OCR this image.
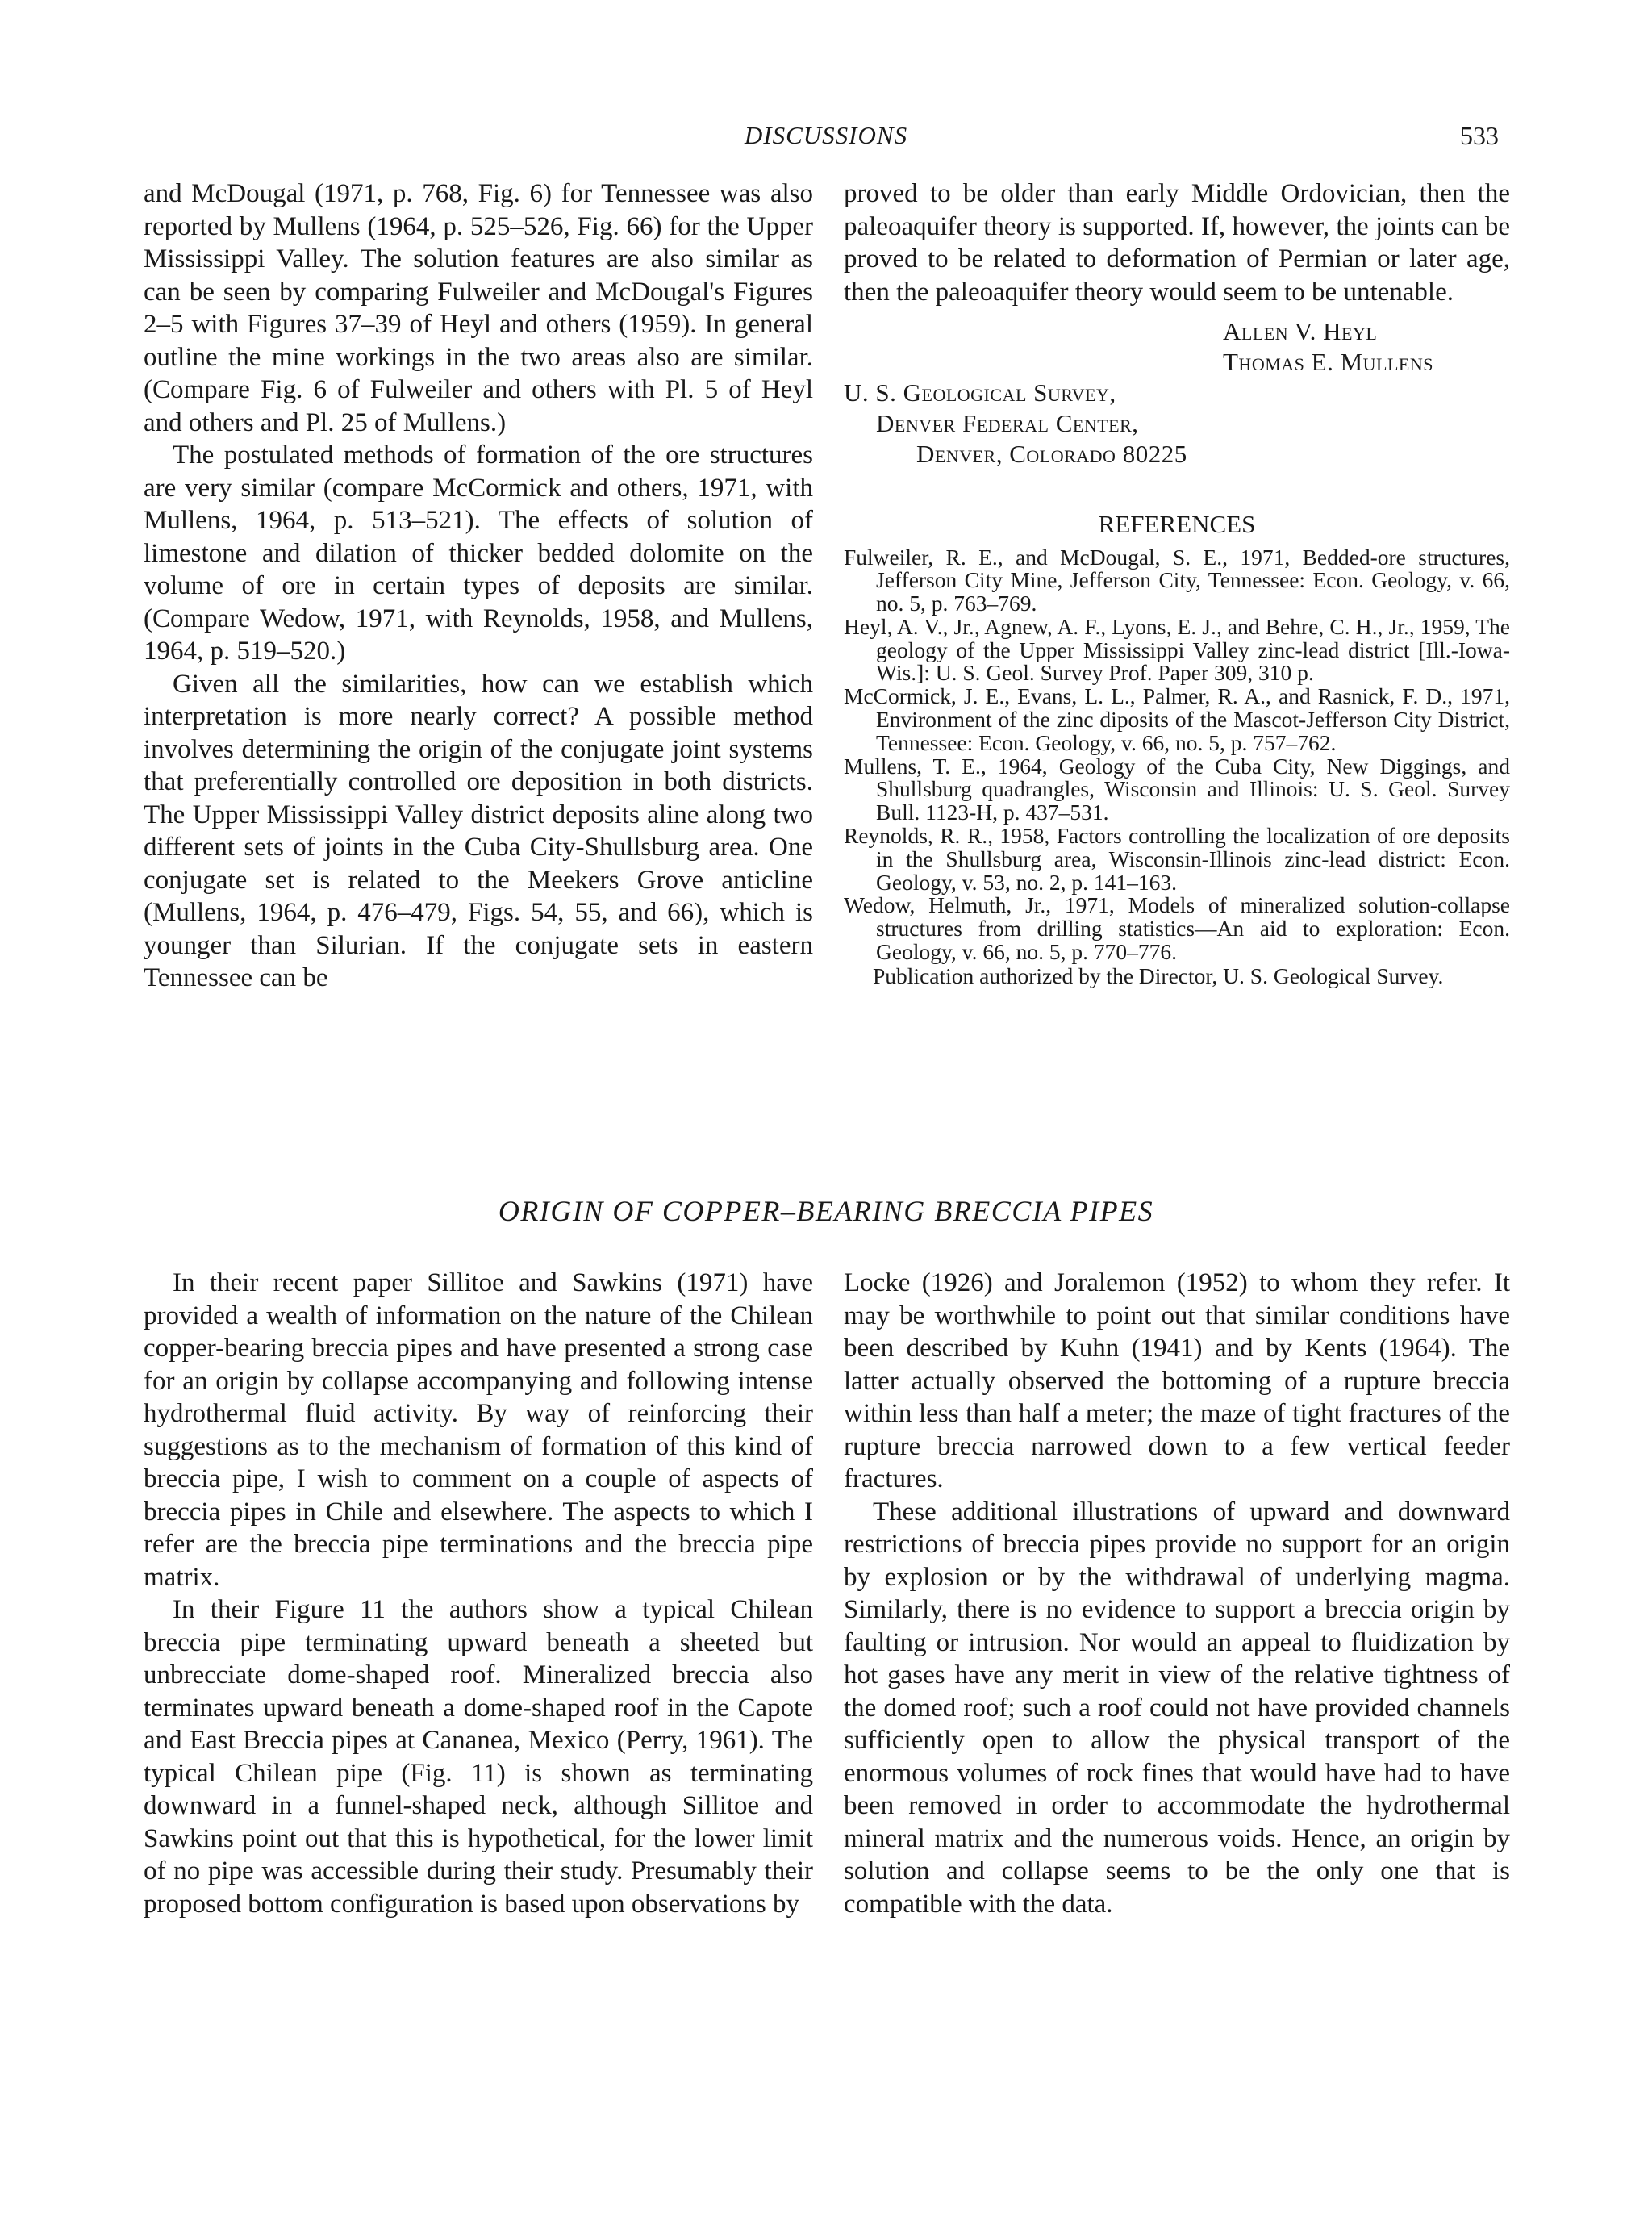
DISCUSSIONS	533

and McDougal (1971, p. 768, Fig. 6) for Tennessee was also reported by Mullens (1964, p. 525–526, Fig. 66) for the Upper Mississippi Valley. The solution features are also similar as can be seen by comparing Fulweiler and McDougal's Figures 2–5 with Figures 37–39 of Heyl and others (1959). In general outline the mine workings in the two areas also are similar. (Compare Fig. 6 of Fulweiler and others with Pl. 5 of Heyl and others and Pl. 25 of Mullens.)

The postulated methods of formation of the ore structures are very similar (compare McCormick and others, 1971, with Mullens, 1964, p. 513–521). The effects of solution of limestone and dilation of thicker bedded dolomite on the volume of ore in certain types of deposits are similar. (Compare Wedow, 1971, with Reynolds, 1958, and Mullens, 1964, p. 519–520.)

Given all the similarities, how can we establish which interpretation is more nearly correct? A possible method involves determining the origin of the conjugate joint systems that preferentially controlled ore deposition in both districts. The Upper Mississippi Valley district deposits aline along two different sets of joints in the Cuba City-Shullsburg area. One conjugate set is related to the Meekers Grove anticline (Mullens, 1964, p. 476–479, Figs. 54, 55, and 66), which is younger than Silurian. If the conjugate sets in eastern Tennessee can be

proved to be older than early Middle Ordovician, then the paleoaquifer theory is supported. If, however, the joints can be proved to be related to deformation of Permian or later age, then the paleoaquifer theory would seem to be untenable.

Allen V. Heyl
Thomas E. Mullens
U. S. Geological Survey,
Denver Federal Center,
Denver, Colorado 80225
REFERENCES

Fulweiler, R. E., and McDougal, S. E., 1971, Bedded-ore structures, Jefferson City Mine, Jefferson City, Tennessee: Econ. Geology, v. 66, no. 5, p. 763–769.

Heyl, A. V., Jr., Agnew, A. F., Lyons, E. J., and Behre, C. H., Jr., 1959, The geology of the Upper Mississippi Valley zinc-lead district [Ill.-Iowa-Wis.]: U. S. Geol. Survey Prof. Paper 309, 310 p.

McCormick, J. E., Evans, L. L., Palmer, R. A., and Rasnick, F. D., 1971, Environment of the zinc diposits of the Mascot-Jefferson City District, Tennessee: Econ. Geology, v. 66, no. 5, p. 757–762.

Mullens, T. E., 1964, Geology of the Cuba City, New Diggings, and Shullsburg quadrangles, Wisconsin and Illinois: U. S. Geol. Survey Bull. 1123-H, p. 437–531.

Reynolds, R. R., 1958, Factors controlling the localization of ore deposits in the Shullsburg area, Wisconsin-Illinois zinc-lead district: Econ. Geology, v. 53, no. 2, p. 141–163.

Wedow, Helmuth, Jr., 1971, Models of mineralized solution-collapse structures from drilling statistics—An aid to exploration: Econ. Geology, v. 66, no. 5, p. 770–776.

Publication authorized by the Director, U. S. Geological Survey.

ORIGIN OF COPPER–BEARING BRECCIA PIPES

In their recent paper Sillitoe and Sawkins (1971) have provided a wealth of information on the nature of the Chilean copper-bearing breccia pipes and have presented a strong case for an origin by collapse accompanying and following intense hydrothermal fluid activity. By way of reinforcing their suggestions as to the mechanism of formation of this kind of breccia pipe, I wish to comment on a couple of aspects of breccia pipes in Chile and elsewhere. The aspects to which I refer are the breccia pipe terminations and the breccia pipe matrix.

In their Figure 11 the authors show a typical Chilean breccia pipe terminating upward beneath a sheeted but unbrecciate dome-shaped roof. Mineralized breccia also terminates upward beneath a dome-shaped roof in the Capote and East Breccia pipes at Cananea, Mexico (Perry, 1961). The typical Chilean pipe (Fig. 11) is shown as terminating downward in a funnel-shaped neck, although Sillitoe and Sawkins point out that this is hypothetical, for the lower limit of no pipe was accessible during their study. Presumably their proposed bottom configuration is based upon observations by

Locke (1926) and Joralemon (1952) to whom they refer. It may be worthwhile to point out that similar conditions have been described by Kuhn (1941) and by Kents (1964). The latter actually observed the bottoming of a rupture breccia within less than half a meter; the maze of tight fractures of the rupture breccia narrowed down to a few vertical feeder fractures.

These additional illustrations of upward and downward restrictions of breccia pipes provide no support for an origin by explosion or by the withdrawal of underlying magma. Similarly, there is no evidence to support a breccia origin by faulting or intrusion. Nor would an appeal to fluidization by hot gases have any merit in view of the relative tightness of the domed roof; such a roof could not have provided channels sufficiently open to allow the physical transport of the enormous volumes of rock fines that would have had to have been removed in order to accommodate the hydrothermal mineral matrix and the numerous voids. Hence, an origin by solution and collapse seems to be the only one that is compatible with the data.
